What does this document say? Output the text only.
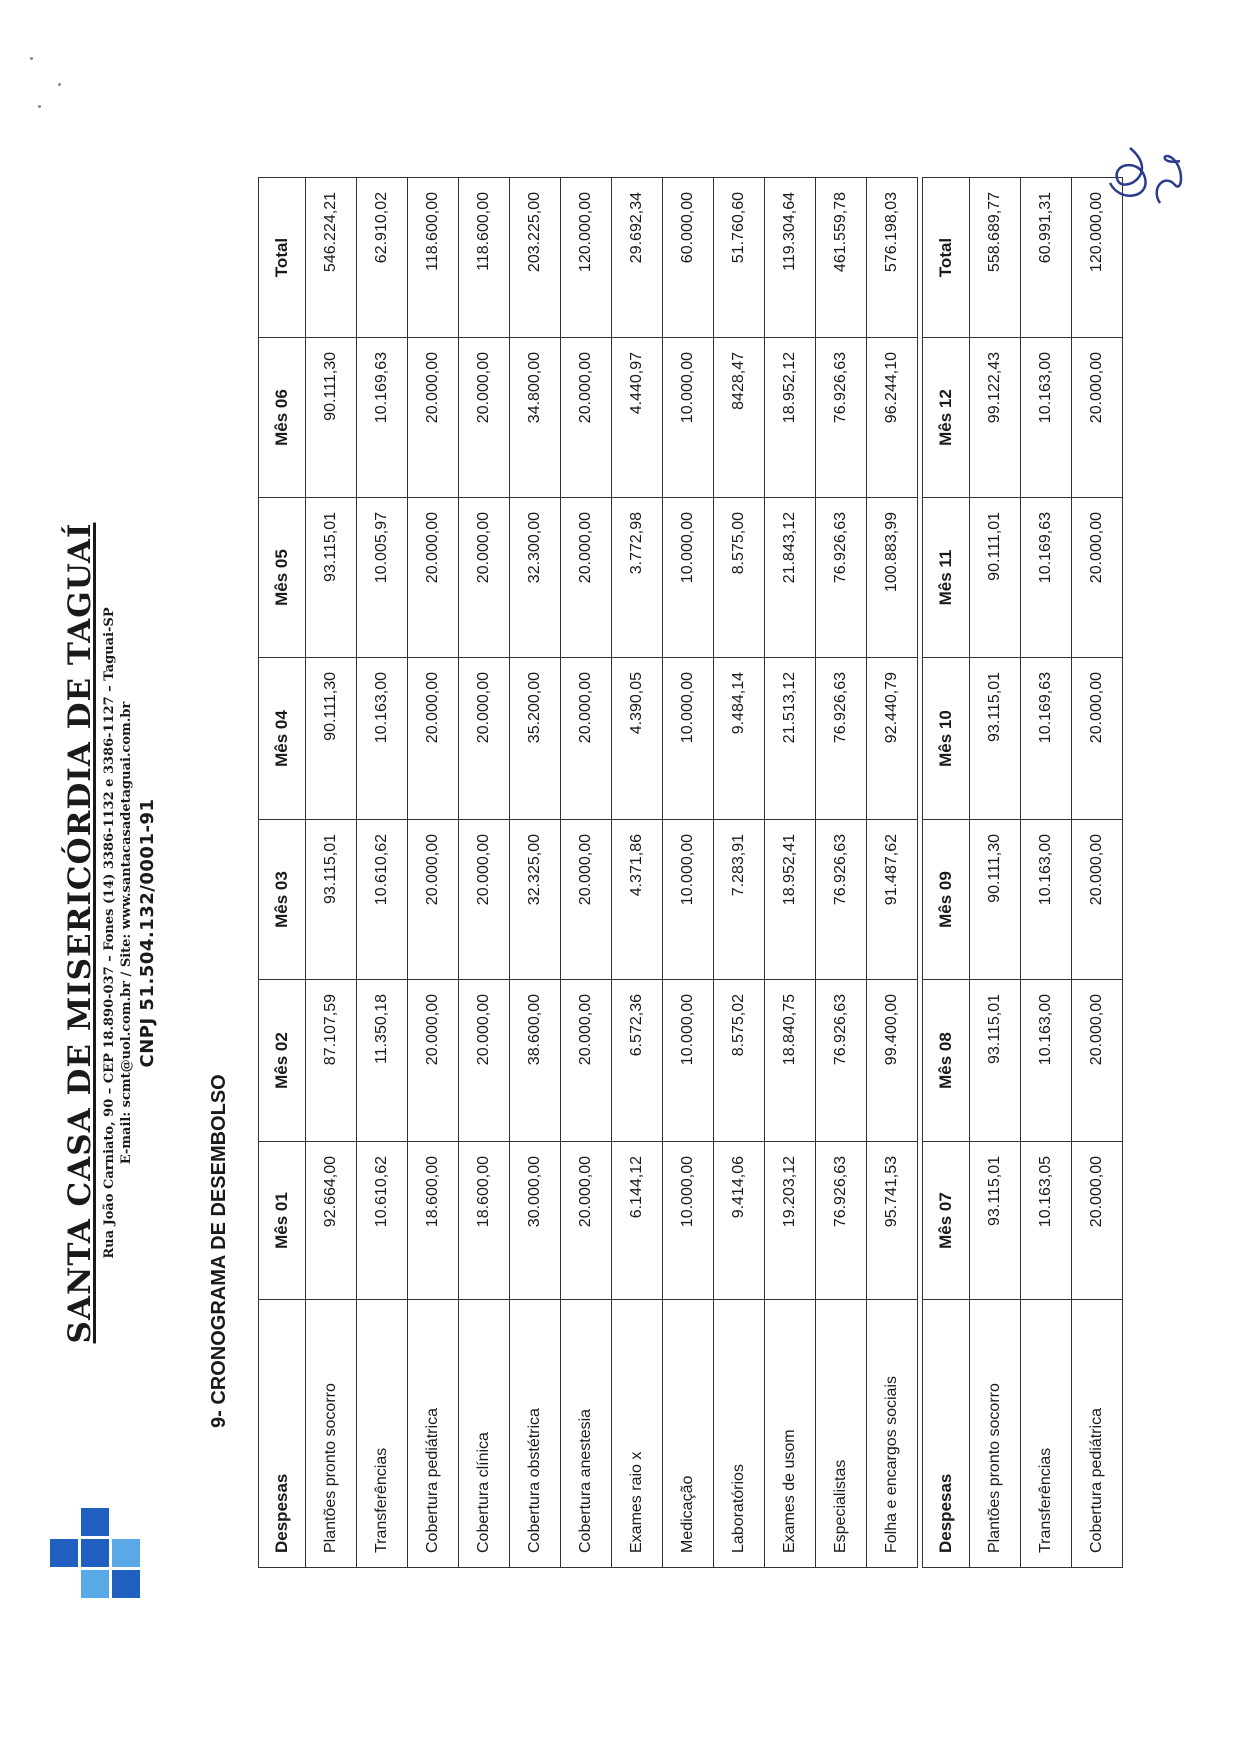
SANTA CASA DE MISERICÓRDIA DE TAGUAÍ Rua João Carniato, 90 – CEP 18.890-037 – Fones (14) 3386-1132 e 3386-1127 – Taguai-SP E-mail: scmt@uol.com.br / Site: www.santacasadetaguai.com.br CNPJ 51.504.132/0001-91
9- CRONOGRAMA DE DESEMBOLSO
Despesas	Mês 01	Mês 02	Mês 03	Mês 04	Mês 05	Mês 06	Total
Plantões pronto socorro	92.664,00	87.107,59	93.115,01	90.111,30	93.115,01	90.111,30	546.224,21
Transferências	10.610,62	11.350,18	10.610,62	10.163,00	10.005,97	10.169,63	62.910,02
Cobertura pediátrica	18.600,00	20.000,00	20.000,00	20.000,00	20.000,00	20.000,00	118.600,00
Cobertura clínica	18.600,00	20.000,00	20.000,00	20.000,00	20.000,00	20.000,00	118.600,00
Cobertura obstétrica	30.000,00	38.600,00	32.325,00	35.200,00	32.300,00	34.800,00	203.225,00
Cobertura anestesia	20.000,00	20.000,00	20.000,00	20.000,00	20.000,00	20.000,00	120.000,00
Exames raio x	6.144,12	6.572,36	4.371,86	4.390,05	3.772,98	4.440,97	29.692,34
Medicação	10.000,00	10.000,00	10.000,00	10.000,00	10.000,00	10.000,00	60.000,00
Laboratórios	9.414,06	8.575,02	7.283,91	9.484,14	8.575,00	8428,47	51.760,60
Exames de usom	19.203,12	18.840,75	18.952,41	21.513,12	21.843,12	18.952,12	119.304,64
Especialistas	76.926,63	76.926,63	76.926,63	76.926,63	76.926,63	76.926,63	461.559,78
Folha e encargos sociais	95.741,53	99.400,00	91.487,62	92.440,79	100.883,99	96.244,10	576.198,03
Despesas	Mês 07	Mês 08	Mês 09	Mês 10	Mês 11	Mês 12	Total
Plantões pronto socorro	93.115,01	93.115,01	90.111,30	93.115,01	90.111,01	99.122,43	558.689,77
Transferências	10.163,05	10.163,00	10.163,00	10.169,63	10.169,63	10.163,00	60.991,31
Cobertura pediátrica	20.000,00	20.000,00	20.000,00	20.000,00	20.000,00	20.000,00	120.000,00
